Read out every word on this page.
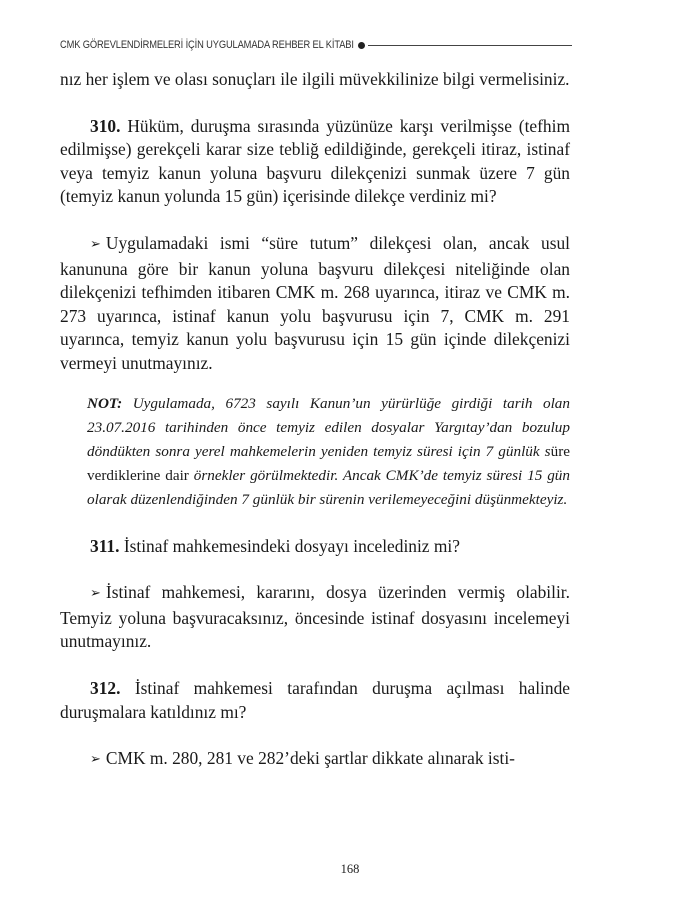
CMK GÖREVLENDİRMELERİ İÇİN UYGULAMADA REHBER EL KİTABI

nız her işlem ve olası sonuçları ile ilgili müvekkilinize bilgi vermelisiniz.

310. Hüküm, duruşma sırasında yüzünüze karşı verilmişse (tefhim edilmişse) gerekçeli karar size tebliğ edildiğinde, gerekçeli itiraz, istinaf veya temyiz kanun yoluna başvuru dilekçenizi sunmak üzere 7 gün (temyiz kanun yolunda 15 gün) içerisinde dilekçe verdiniz mi?

➢ Uygulamadaki ismi “süre tutum” dilekçesi olan, ancak usul kanununa göre bir kanun yoluna başvuru dilekçesi niteliğinde olan dilekçenizi tefhimden itibaren CMK m. 268 uyarınca, itiraz ve CMK m. 273 uyarınca, istinaf kanun yolu başvurusu için 7, CMK m. 291 uyarınca, temyiz kanun yolu başvurusu için 15 gün içinde dilekçenizi vermeyi unutmayınız.

NOT: Uygulamada, 6723 sayılı Kanun’un yürürlüğe girdiği tarih olan 23.07.2016 tarihinden önce temyiz edilen dosyalar Yargıtay’dan bozulup döndükten sonra yerel mahkemelerin yeniden temyiz süresi için 7 günlük süre verdiklerine dair örnekler görülmektedir. Ancak CMK’de temyiz süresi 15 gün olarak düzenlendiğinden 7 günlük bir sürenin verilemeyeceğini düşünmekteyiz.

311. İstinaf mahkemesindeki dosyayı incelediniz mi?

➢ İstinaf mahkemesi, kararını, dosya üzerinden vermiş olabilir. Temyiz yoluna başvuracaksınız, öncesinde istinaf dosyasını incelemeyi unutmayınız.

312. İstinaf mahkemesi tarafından duruşma açılması halinde duruşmalara katıldınız mı?

➢ CMK m. 280, 281 ve 282’deki şartlar dikkate alınarak isti-

168
